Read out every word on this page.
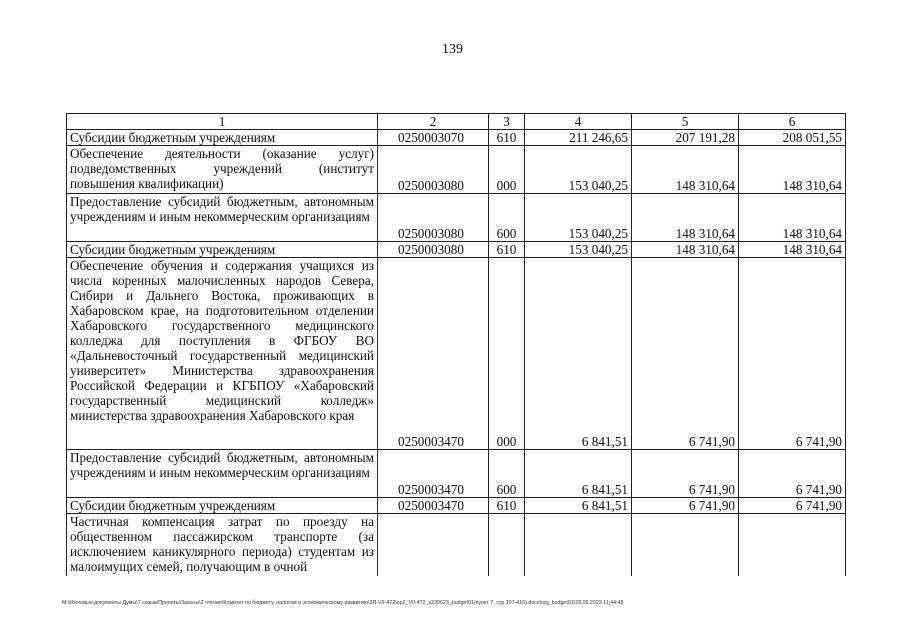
139
1	2	3	4	5	6
Субсидии бюджетным учреждениям	0250003070	610	211 246,65	207 191,28	208 051,55
Обеспечение деятельности (оказание услуг) подведомственных учреждений (институт повышения квалификации)	0250003080	000	153 040,25	148 310,64	148 310,64
Предоставление субсидий бюджетным, автономным учреждениям и иным некоммерческим организациям	0250003080	600	153 040,25	148 310,64	148 310,64
Субсидии бюджетным учреждениям	0250003080	610	153 040,25	148 310,64	148 310,64
Обеспечение обучения и содержания учащихся из числа коренных малочисленных народов Севера, Сибири и Дальнего Востока, проживающих в Хабаровском крае, на подготовительном отделении Хабаровского государственного медицинского колледжа для поступления в ФГБОУ ВО «Дальневосточный государственный медицинский университет» Министерства здравоохранения Российской Федерации и КГБПОУ «Хабаровский государственный медицинский колледж» министерства здравоохранения Хабаровского края	0250003470	000	6 841,51	6 741,90	6 741,90
Предоставление субсидий бюджетным, автономным учреждениям и иным некоммерческим организациям	0250003470	600	6 841,51	6 741,90	6 741,90
Субсидии бюджетным учреждениям	0250003470	610	6 841,51	6 741,90	6 741,90
Частичная компенсация затрат по проезду на общественном пассажирском транспорте (за исключением каникулярного периода) студентам из малоимущих семей, получающим в очной					
М:\Итоговые документы Думы\7 созыв\Проекты\Законы\2 чтение\Комитет по бюджету, налогам и экономическому развитию\ЗП-VII-472\op2_VII-472_v230623_budget01(пункт 7, стр.107-416).docx\org_budget01\23.06.2023 11:44:48
